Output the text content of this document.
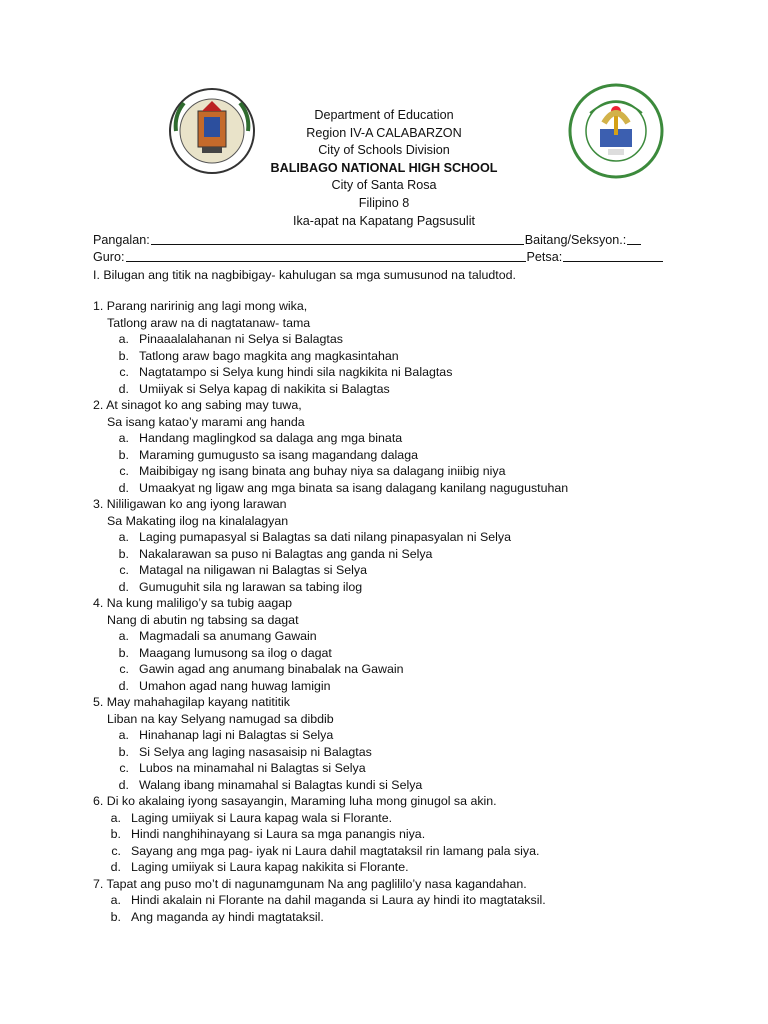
Department of Education
Region IV-A CALABARZON
City of Schools Division
BALIBAGO NATIONAL HIGH SCHOOL
City of Santa Rosa
Filipino 8
Ika-apat na Kapatang Pagsusulit
Pangalan:	Baitang/Seksyon.:
Guro:	Petsa:
I. Bilugan ang titik na nagbibigay- kahulugan sa mga sumusunod na taludtod.
1. Parang naririnig ang lagi mong wika,
Tatlong araw na di nagtatanaw- tama
a. Pinaaalalahanan ni Selya si Balagtas
b. Tatlong araw bago magkita ang magkasintahan
c. Nagtatampo si Selya kung hindi sila nagkikita ni Balagtas
d. Umiiyak si Selya kapag di nakikita si Balagtas
2. At sinagot ko ang sabing may tuwa,
Sa isang katao’y marami ang handa
a. Handang maglingkod sa dalaga ang mga binata
b. Maraming gumugusto sa isang magandang dalaga
c. Maibibigay ng isang binata ang buhay niya sa dalagang iniibig niya
d. Umaakyat ng ligaw ang mga binata sa isang dalagang kanilang nagugustuhan
3. Nililigawan ko ang iyong larawan
Sa Makating ilog na kinalalagyan
a. Laging pumapasyal si Balagtas sa dati nilang pinapasyalan ni Selya
b. Nakalarawan sa puso ni Balagtas ang ganda ni Selya
c. Matagal na niligawan ni Balagtas si Selya
d. Gumuguhit sila ng larawan sa tabing ilog
4. Na kung maliligo’y sa tubig aagap
Nang di abutin ng tabsing sa dagat
a. Magmadali sa anumang Gawain
b. Maagang lumusong sa ilog o dagat
c. Gawin agad ang anumang binabalak na Gawain
d. Umahon agad nang huwag lamigin
5. May mahahagilap kayang natititik
Liban na kay Selyang namugad sa dibdib
a. Hinahanap lagi ni Balagtas si Selya
b. Si Selya ang laging nasasaisip ni Balagtas
c. Lubos na minamahal ni Balagtas si Selya
d. Walang ibang minamahal si Balagtas kundi si Selya
6. Di ko akalaing iyong sasayangin, Maraming luha mong ginugol sa akin.
a. Laging umiiyak si Laura kapag wala si Florante.
b. Hindi nanghihinayang si Laura sa mga panangis niya.
c. Sayang ang mga pag- iyak ni Laura dahil magtataksil rin lamang pala siya.
d. Laging umiiyak si Laura kapag nakikita si Florante.
7. Tapat ang puso mo’t di nagunamgunam Na ang paglililo’y nasa kagandahan.
a. Hindi akalain ni Florante na dahil maganda si Laura ay hindi ito magtataksil.
b. Ang maganda ay hindi magtataksil.
